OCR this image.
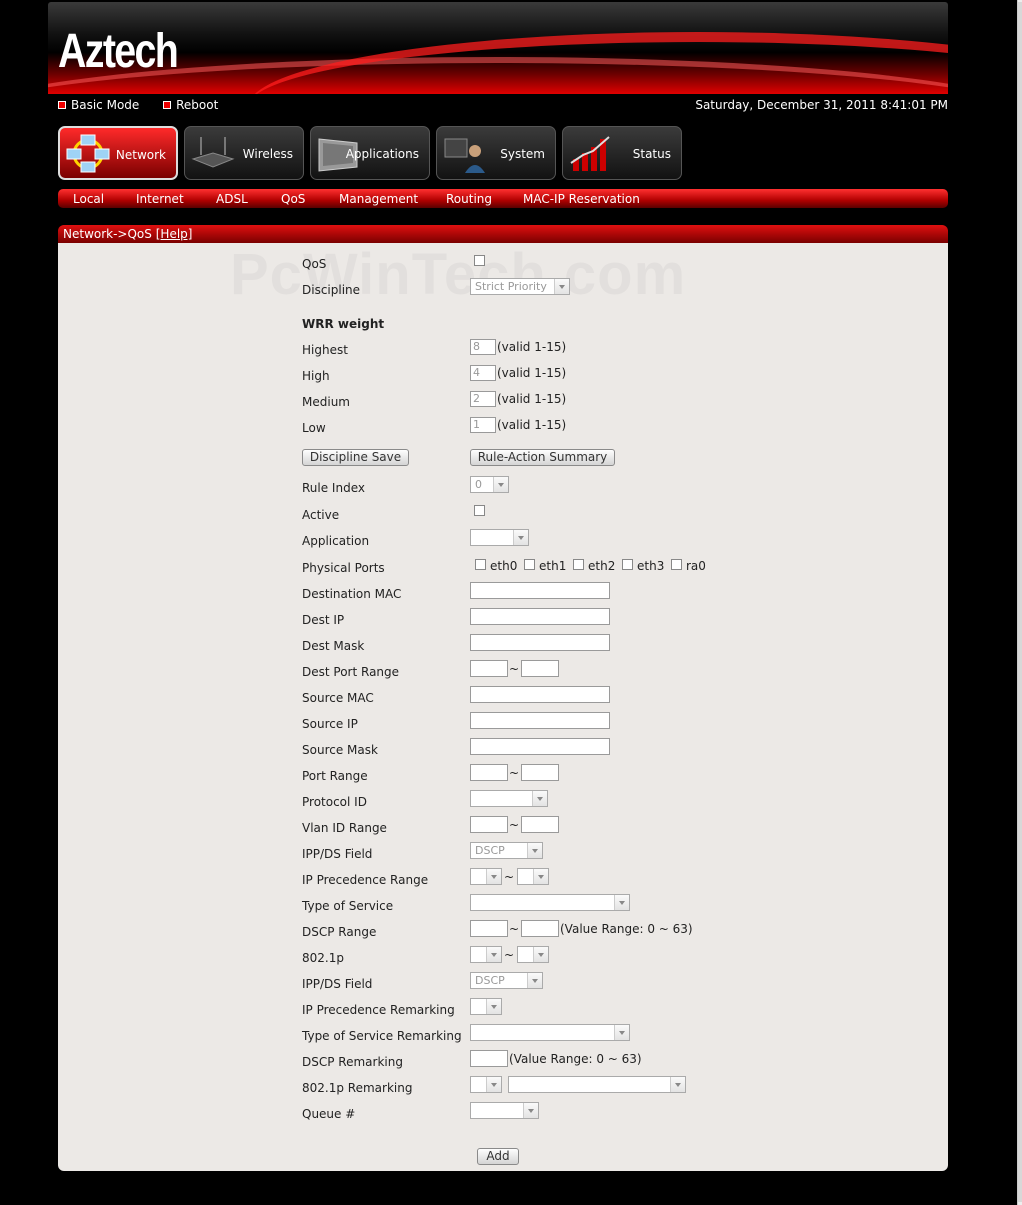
Aztech
Basic Mode
	Reboot	Saturday, December 31, 2011 8:41:01 PM
Network	Wireless	Applications	System	Status
Local	Internet	ADSL	QoS	Management Routing	MAC-IP Reservation
Network->QoS [Help]
QoS
Discipline	Strict Priority
WRR weight
Highest	8	(valid 1-15)
High	4	(valid 1-15)
Medium	2	(valid 1-15)
Low	1	(valid 1-15)
Discipline Save	Rule-Action Summary
Rule Index	0
Active
Application
Physical Ports	eth0 eth1 eth2 eth3 ra0
Destination MAC
Dest IP
Dest Mask
Dest Port Range	~
Source MAC
Source IP
Source Mask
Port Range	~
Protocol ID
Vlan ID Range	~
IPP/DS Field	DSCP
IP Precedence Range	~
Type of Service
DSCP Range	~	(Value Range: 0 ~ 63)
802.1p	~
IPP/DS Field	DSCP
IP Precedence Remarking
Type of Service Remarking
DSCP Remarking	(Value Range: 0 ~ 63)
802.1p Remarking
Queue #
Add
